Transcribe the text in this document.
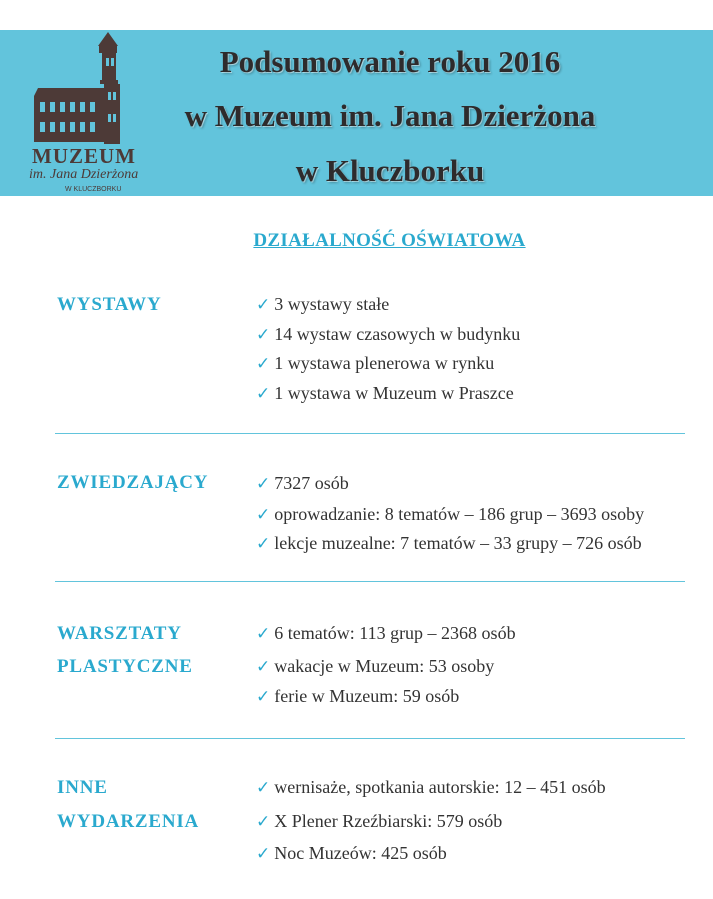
MUZEUM
im. Jana Dzierżona
W KLUCZBORKU
Podsumowanie roku 2016
w Muzeum im. Jana Dzierżona
w Kluczborku
DZIAŁALNOŚĆ OŚWIATOWA
WYSTAWY	✓ 3 wystawy stałe
✓ 14 wystaw czasowych w budynku
✓ 1 wystawa plenerowa w rynku
✓ 1 wystawa w Muzeum w Praszce
ZWIEDZAJĄCY	✓ 7327 osób
✓ oprowadzanie: 8 tematów – 186 grup – 3693 osoby
✓ lekcje muzealne: 7 tematów – 33 grupy – 726 osób
WARSZTATY
PLASTYCZNE
✓ 6 tematów: 113 grup – 2368 osób
✓ wakacje w Muzeum: 53 osoby
✓ ferie w Muzeum: 59 osób
INNE
WYDARZENIA
✓ wernisaże, spotkania autorskie: 12 – 451 osób
✓ X Plener Rzeźbiarski: 579 osób
✓ Noc Muzeów: 425 osób
